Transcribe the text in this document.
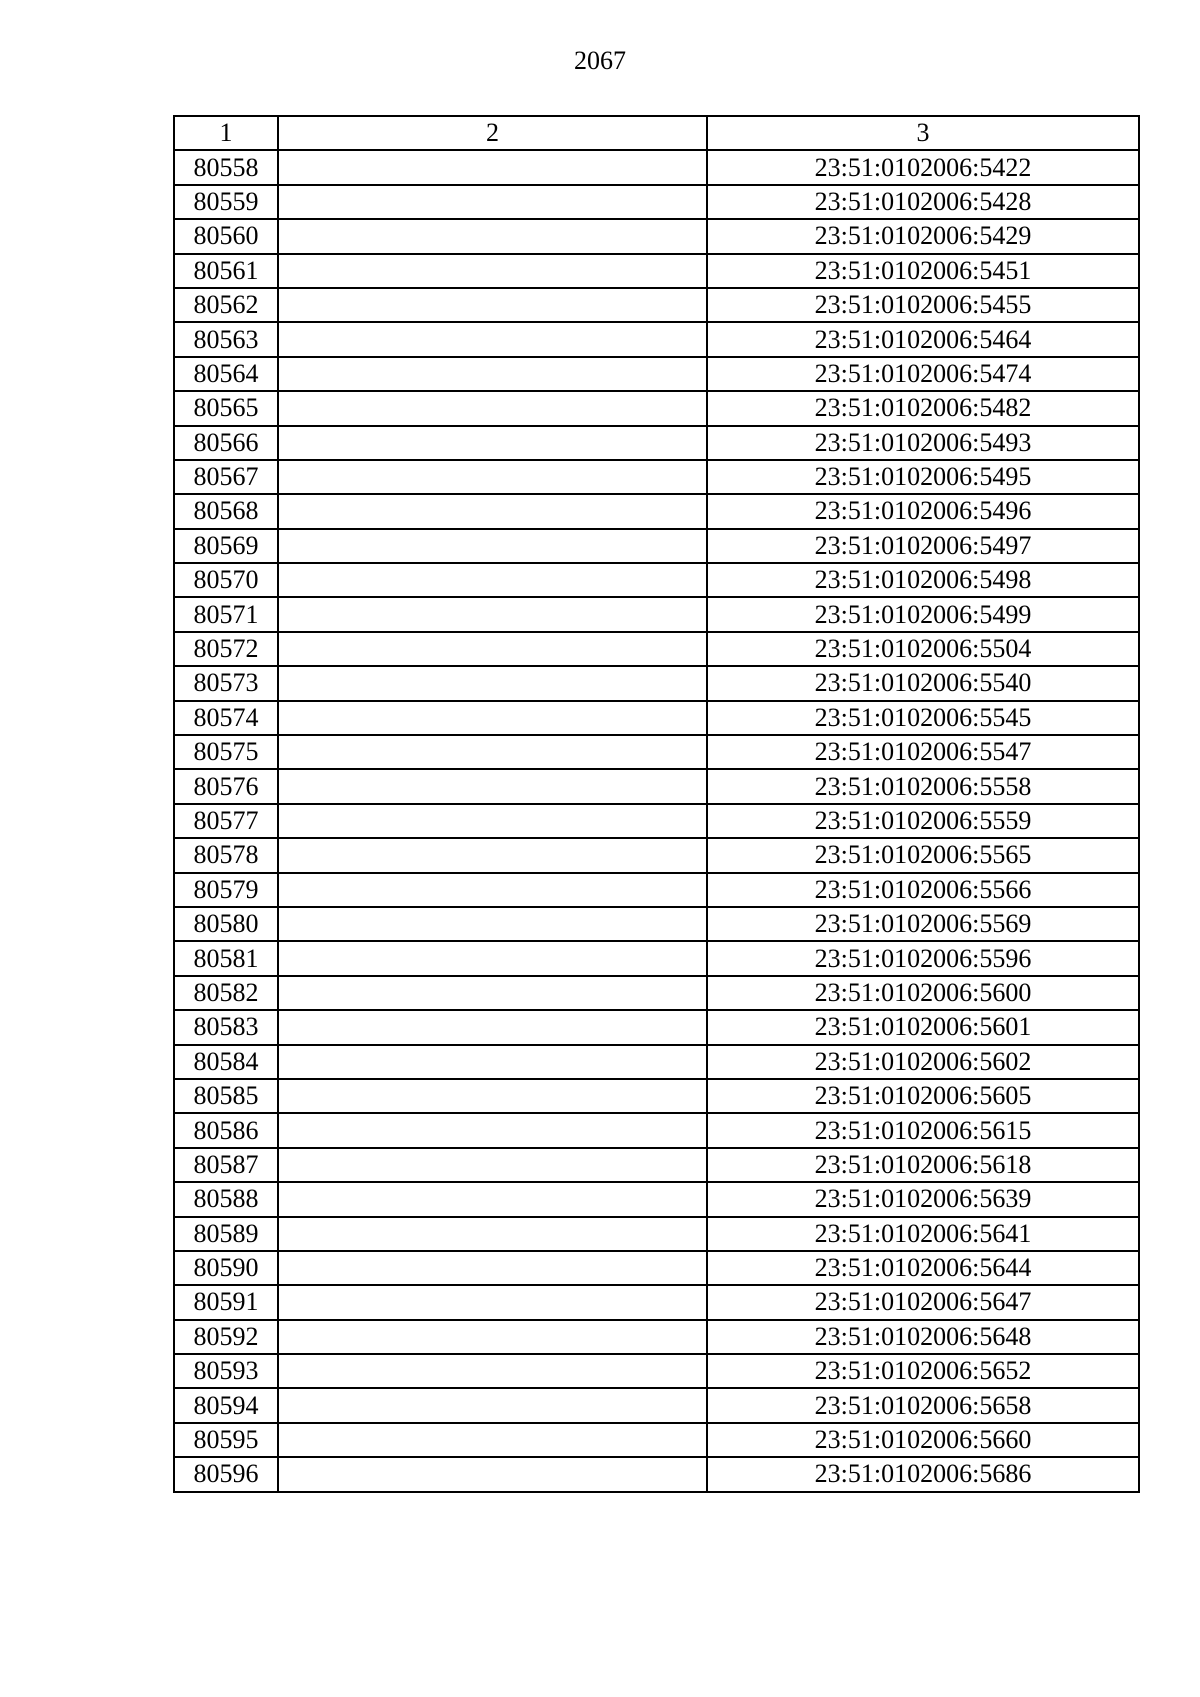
2067
1	2	3
80558		23:51:0102006:5422
80559		23:51:0102006:5428
80560		23:51:0102006:5429
80561		23:51:0102006:5451
80562		23:51:0102006:5455
80563		23:51:0102006:5464
80564		23:51:0102006:5474
80565		23:51:0102006:5482
80566		23:51:0102006:5493
80567		23:51:0102006:5495
80568		23:51:0102006:5496
80569		23:51:0102006:5497
80570		23:51:0102006:5498
80571		23:51:0102006:5499
80572		23:51:0102006:5504
80573		23:51:0102006:5540
80574		23:51:0102006:5545
80575		23:51:0102006:5547
80576		23:51:0102006:5558
80577		23:51:0102006:5559
80578		23:51:0102006:5565
80579		23:51:0102006:5566
80580		23:51:0102006:5569
80581		23:51:0102006:5596
80582		23:51:0102006:5600
80583		23:51:0102006:5601
80584		23:51:0102006:5602
80585		23:51:0102006:5605
80586		23:51:0102006:5615
80587		23:51:0102006:5618
80588		23:51:0102006:5639
80589		23:51:0102006:5641
80590		23:51:0102006:5644
80591		23:51:0102006:5647
80592		23:51:0102006:5648
80593		23:51:0102006:5652
80594		23:51:0102006:5658
80595		23:51:0102006:5660
80596		23:51:0102006:5686
